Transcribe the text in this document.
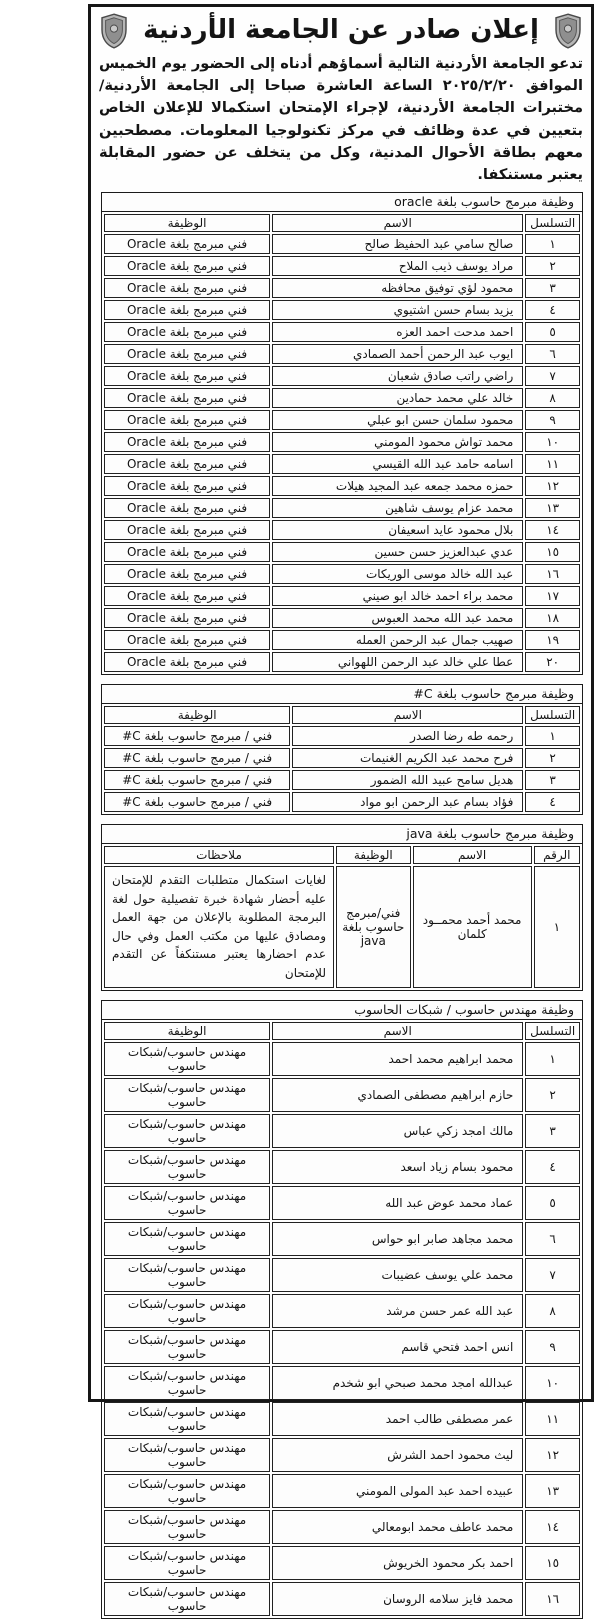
إعلان صادر عن الجامعة الأردنية

تدعو الجامعة الأردنية التالية أسماؤهم أدناه إلى الحضور يوم الخميس الموافق ٢٠٢٥/٢/٢٠ الساعة العاشرة صباحا إلى الجامعة الأردنية/ مختبرات الجامعة الأردنية، لإجراء الإمتحان استكمالا للإعلان الخاص بتعيين في عدة وظائف في مركز تكنولوجيا المعلومات. مصطحبين معهم بطاقة الأحوال المدنية، وكل من يتخلف عن حضور المقابلة يعتبر مستنكفا.

وظيفة مبرمج حاسوب بلغة oracle
التسلسل	الاسم	الوظيفة
١	صالح سامي عبد الحفيظ صالح	فني مبرمج بلغة Oracle
٢	مراد يوسف ذيب الملاح	فني مبرمج بلغة Oracle
٣	محمود لؤي توفيق محافظه	فني مبرمج بلغة Oracle
٤	يزيد بسام حسن اشتيوي	فني مبرمج بلغة Oracle
٥	احمد مدحت احمد العزه	فني مبرمج بلغة Oracle
٦	ايوب عبد الرحمن أحمد الصمادي	فني مبرمج بلغة Oracle
٧	راضي راتب صادق شعبان	فني مبرمج بلغة Oracle
٨	خالد علي محمد حمادين	فني مبرمج بلغة Oracle
٩	محمود سلمان حسن ابو عبلي	فني مبرمج بلغة Oracle
١٠	محمد تواش محمود المومني	فني مبرمج بلغة Oracle
١١	اسامه حامد عبد الله القيسي	فني مبرمج بلغة Oracle
١٢	حمزه محمد جمعه عبد المجيد هيلات	فني مبرمج بلغة Oracle
١٣	محمد عزام يوسف شاهين	فني مبرمج بلغة Oracle
١٤	بلال محمود عايد اسعيفان	فني مبرمج بلغة Oracle
١٥	عدي عبدالعزيز حسن حسين	فني مبرمج بلغة Oracle
١٦	عبد الله خالد موسى الوريكات	فني مبرمج بلغة Oracle
١٧	محمد براء احمد خالد ابو صيني	فني مبرمج بلغة Oracle
١٨	محمد عبد الله محمد العبوس	فني مبرمج بلغة Oracle
١٩	صهيب جمال عبد الرحمن العمله	فني مبرمج بلغة Oracle
٢٠	عطا علي خالد عبد الرحمن اللهواني	فني مبرمج بلغة Oracle
وظيفة مبرمج حاسوب بلغة C#
التسلسل	الاسم	الوظيفة
١	رحمه طه رضا الصدر	فني / مبرمج حاسوب بلغة C#
٢	فرح محمد عبد الكريم الغنيمات	فني / مبرمج حاسوب بلغة C#
٣	هديل سامح عبيد الله الضمور	فني / مبرمج حاسوب بلغة C#
٤	فؤاد بسام عبد الرحمن ابو مواد	فني / مبرمج حاسوب بلغة C#
وظيفة مبرمج حاسوب بلغة java
الرقم	الاسم	الوظيفة	ملاحظات
١	محمد أحمد محمــود كلمان	فني/مبرمج حاسوب بلغة java	لغايات استكمال متطلبات التقدم للإمتحان عليه أحضار شهادة خبرة تفصيلية حول لغة البرمجة المطلوبة بالإعلان من جهة العمل ومصادق عليها من مكتب العمل وفي حال عدم احضارها يعتبر مستنكفاً عن التقدم للإمتحان
وظيفة مهندس حاسوب / شبكات الحاسوب
التسلسل	الاسم	الوظيفة
١	محمد ابراهيم محمد احمد	مهندس حاسوب/شبكات حاسوب
٢	حازم ابراهيم مصطفى الصمادي	مهندس حاسوب/شبكات حاسوب
٣	مالك امجد زكي عباس	مهندس حاسوب/شبكات حاسوب
٤	محمود بسام زياد اسعد	مهندس حاسوب/شبكات حاسوب
٥	عماد محمد عوض عبد الله	مهندس حاسوب/شبكات حاسوب
٦	محمد مجاهد صابر ابو حواس	مهندس حاسوب/شبكات حاسوب
٧	محمد علي يوسف عضيبات	مهندس حاسوب/شبكات حاسوب
٨	عبد الله عمر حسن مرشد	مهندس حاسوب/شبكات حاسوب
٩	انس احمد فتحي قاسم	مهندس حاسوب/شبكات حاسوب
١٠	عبدالله امجد محمد صبحي ابو شخدم	مهندس حاسوب/شبكات حاسوب
١١	عمر مصطفى طالب احمد	مهندس حاسوب/شبكات حاسوب
١٢	ليث محمود احمد الشرش	مهندس حاسوب/شبكات حاسوب
١٣	عبيده احمد عبد المولى المومني	مهندس حاسوب/شبكات حاسوب
١٤	محمد عاطف محمد ابومعالي	مهندس حاسوب/شبكات حاسوب
١٥	احمد بكر محمود الخريوش	مهندس حاسوب/شبكات حاسوب
١٦	محمد فايز سلامه الروسان	مهندس حاسوب/شبكات حاسوب
